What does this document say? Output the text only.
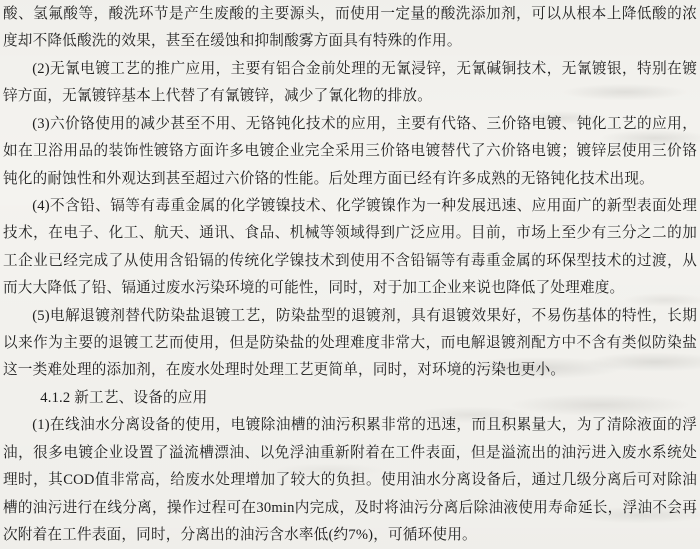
酸、氢氟酸等，酸洗环节是产生废酸的主要源头，而使用一定量的酸洗添加剂，可以从根本上降低酸的浓度却不降低酸洗的效果，甚至在缓蚀和抑制酸雾方面具有特殊的作用。

(2)无氰电镀工艺的推广应用，主要有铝合金前处理的无氰浸锌，无氰碱铜技术，无氰镀银，特别在镀锌方面，无氰镀锌基本上代替了有氰镀锌，减少了氰化物的排放。

(3)六价铬使用的减少甚至不用、无铬钝化技术的应用，主要有代铬、三价铬电镀、钝化工艺的应用，如在卫浴用品的装饰性镀铬方面许多电镀企业完全采用三价铬电镀替代了六价铬电镀；镀锌层使用三价铬钝化的耐蚀性和外观达到甚至超过六价铬的性能。后处理方面已经有许多成熟的无铬钝化技术出现。

(4)不含铅、镉等有毒重金属的化学镀镍技术、化学镀镍作为一种发展迅速、应用面广的新型表面处理技术，在电子、化工、航天、通讯、食品、机械等领域得到广泛应用。目前，市场上至少有三分之二的加工企业已经完成了从使用含铅镉的传统化学镍技术到使用不含铅镉等有毒重金属的环保型技术的过渡，从而大大降低了铅、镉通过废水污染环境的可能性，同时，对于加工企业来说也降低了处理难度。

(5)电解退镀剂替代防染盐退镀工艺，防染盐型的退镀剂，具有退镀效果好，不易伤基体的特性，长期以来作为主要的退镀工艺而使用，但是防染盐的处理难度非常大，而电解退镀剂配方中不含有类似防染盐这一类难处理的添加剂，在废水处理时处理工艺更简单，同时，对环境的污染也更小。

4.1.2 新工艺、设备的应用

(1)在线油水分离设备的使用，电镀除油槽的油污积累非常的迅速，而且积累量大，为了清除液面的浮油，很多电镀企业设置了溢流槽漂油、以免浮油重新附着在工件表面，但是溢流出的油污进入废水系统处理时，其COD值非常高，给废水处理增加了较大的负担。使用油水分离设备后，通过几级分离后可对除油槽的油污进行在线分离，操作过程可在30min内完成，及时将油污分离后除油液使用寿命延长，浮油不会再次附着在工件表面，同时，分离出的油污含水率低(约7%)，可循环使用。
